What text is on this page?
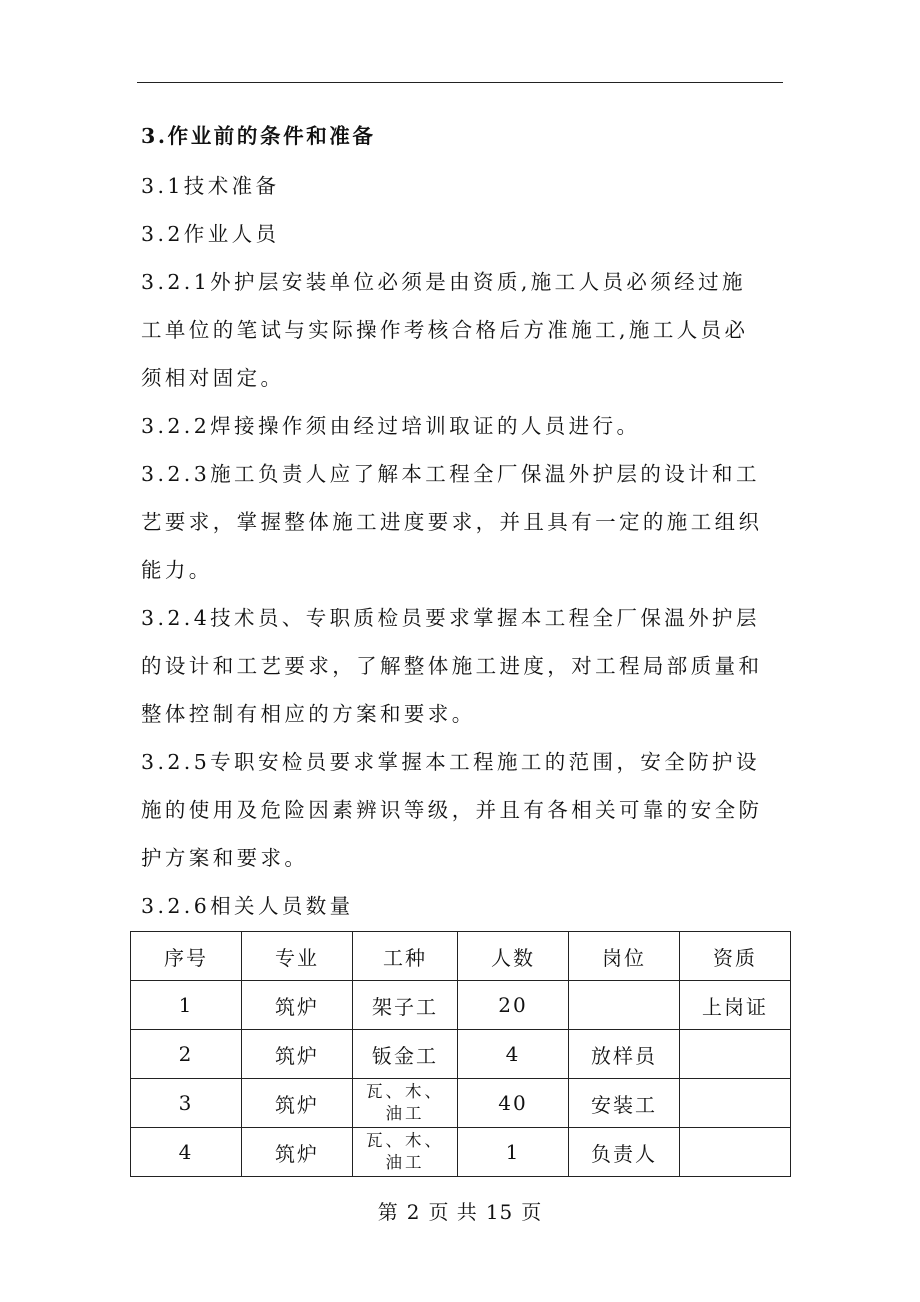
3.作业前的条件和准备
3.1技术准备
3.2作业人员
3.2.1外护层安装单位必须是由资质,施工人员必须经过施
工单位的笔试与实际操作考核合格后方准施工,施工人员必
须相对固定。
3.2.2焊接操作须由经过培训取证的人员进行。
3.2.3施工负责人应了解本工程全厂保温外护层的设计和工
艺要求，掌握整体施工进度要求，并且具有一定的施工组织
能力。
3.2.4技术员、专职质检员要求掌握本工程全厂保温外护层
的设计和工艺要求，了解整体施工进度，对工程局部质量和
整体控制有相应的方案和要求。
3.2.5专职安检员要求掌握本工程施工的范围，安全防护设
施的使用及危险因素辨识等级，并且有各相关可靠的安全防
护方案和要求。
3.2.6相关人员数量
序号	专业	工种	人数	岗位	资质
1	筑炉	架子工	20		上岗证
2	筑炉	钣金工	4	放样员	
3	筑炉	瓦、木、
油工	40	安装工	
4	筑炉	瓦、木、
油工	1	负责人	
第 2 页 共 15 页
